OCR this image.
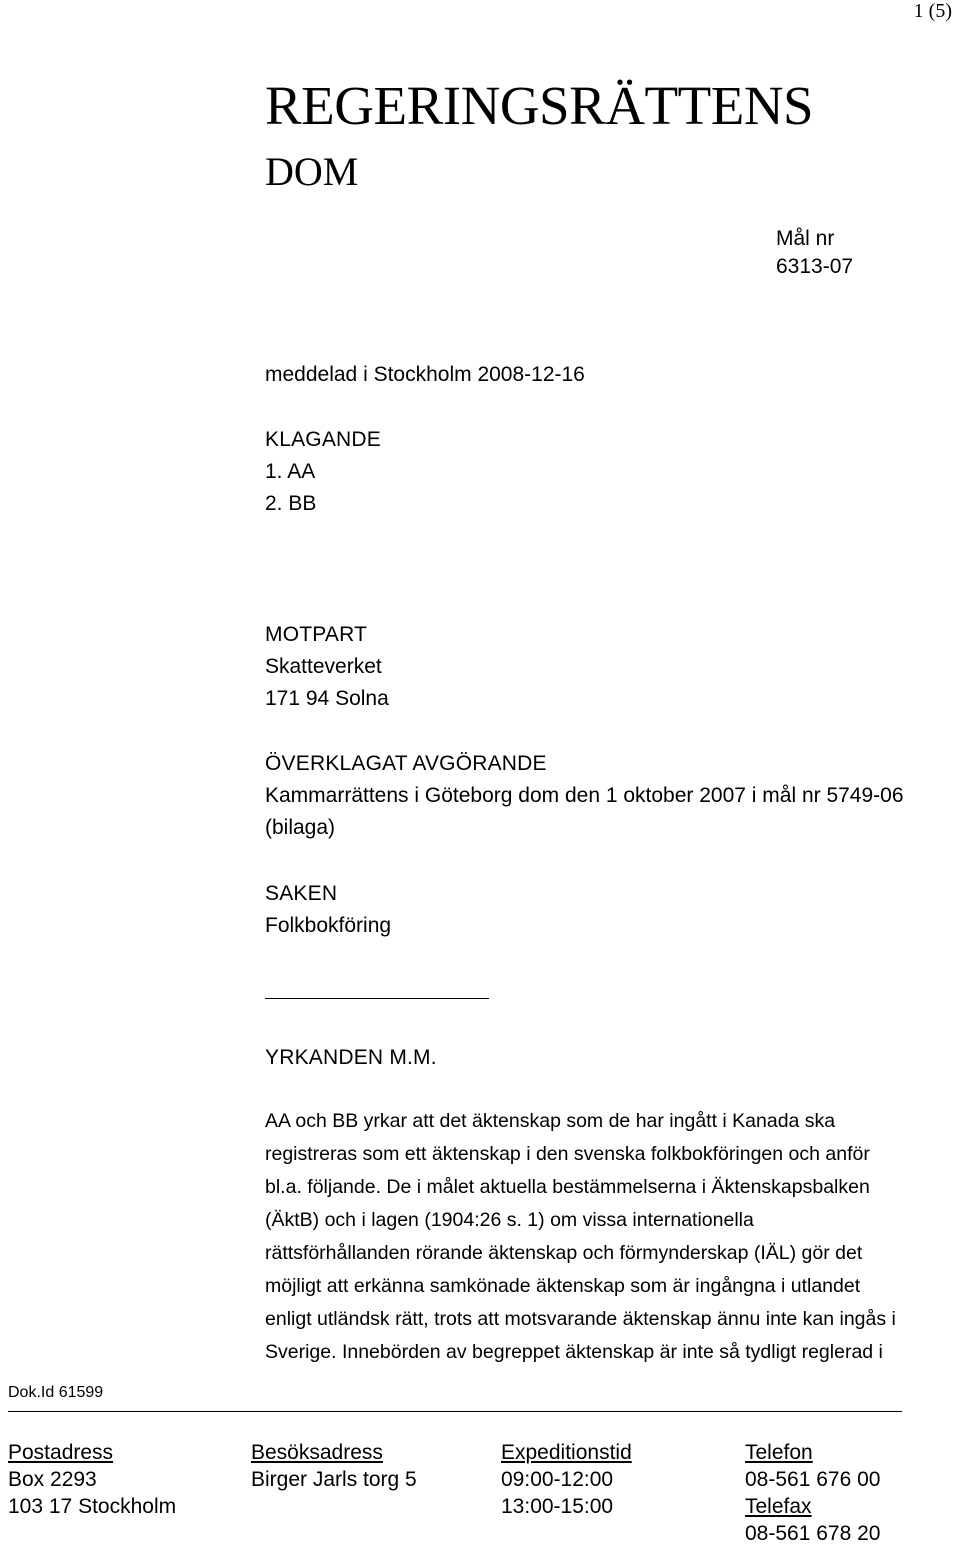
1 (5)
REGERINGSRÄTTENS
DOM
Mål nr
6313-07
meddelad i Stockholm 2008-12-16
KLAGANDE
1. AA
2. BB
MOTPART
Skatteverket
171 94 Solna
ÖVERKLAGAT AVGÖRANDE
Kammarrättens i Göteborg dom den 1 oktober 2007 i mål nr 5749-06
(bilaga)
SAKEN
Folkbokföring
YRKANDEN M.M.
AA och BB yrkar att det äktenskap som de har ingått i Kanada ska
registreras som ett äktenskap i den svenska folkbokföringen och anför
bl.a. följande. De i målet aktuella bestämmelserna i Äktenskapsbalken
(ÄktB) och i lagen (1904:26 s. 1) om vissa internationella
rättsförhållanden rörande äktenskap och förmynderskap (IÄL) gör det
möjligt att erkänna samkönade äktenskap som är ingångna i utlandet
enligt utländsk rätt, trots att motsvarande äktenskap ännu inte kan ingås i
Sverige. Innebörden av begreppet äktenskap är inte så tydligt reglerad i
Dok.Id 61599
Postadress
Box 2293
103 17 Stockholm
Besöksadress
Birger Jarls torg 5
Expeditionstid
09:00-12:00
13:00-15:00
Telefon
08-561 676 00
Telefax
08-561 678 20
